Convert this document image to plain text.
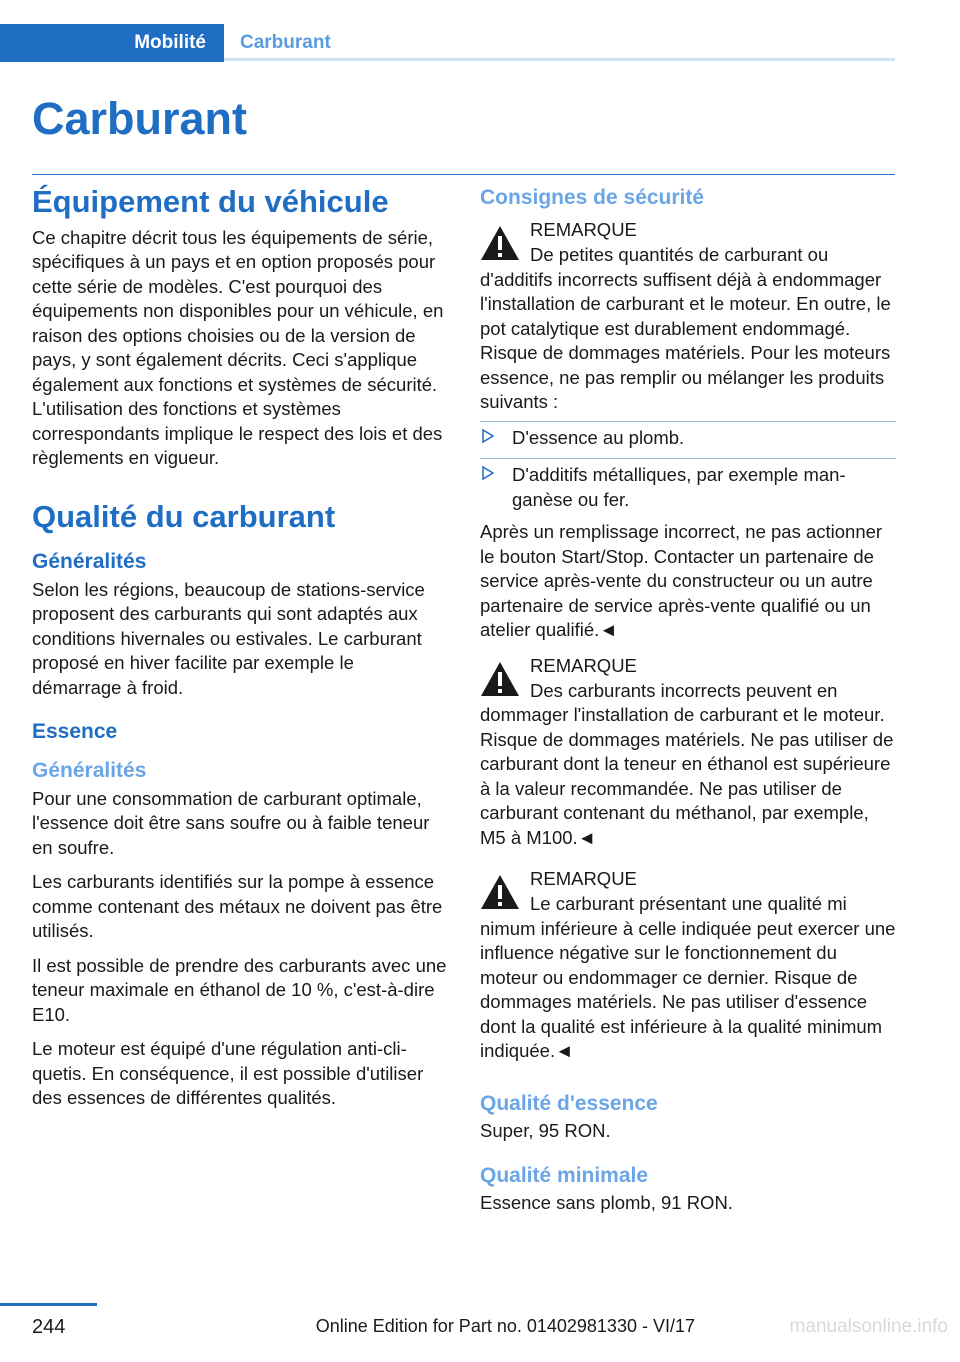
Mobilité Carburant
Carburant
Équipement du véhicule

Ce chapitre décrit tous les équipements de série, spécifiques à un pays et en option proposés pour cette série de modèles. C'est pourquoi des équipements non disponibles pour un véhicule, en raison des options choisies ou de la version de pays, y sont également décrits. Ceci s'applique également aux fonctions et systèmes de sécurité. L'utilisation des fonctions et systèmes correspondants implique le respect des lois et des règlements en vigueur.

Qualité du carburant
Généralités

Selon les régions, beaucoup de stations-service proposent des carburants qui sont adaptés aux conditions hivernales ou estivales. Le carburant proposé en hiver facilite par exemple le démarrage à froid.

Essence
Généralités

Pour une consommation de carburant optimale, l'essence doit être sans soufre ou à faible teneur en soufre.

Les carburants identifiés sur la pompe à essence comme contenant des métaux ne doivent pas être utilisés.

Il est possible de prendre des carburants avec une teneur maximale en éthanol de 10 %, c'est-à-dire E10.

Le moteur est équipé d'une régulation anti-cliquetis. En conséquence, il est possible d'utiliser des essences de différentes qualités.

Consignes de sécurité
REMARQUE
De petites quantités de carburant ou
d'additifs incorrects suffisent déjà à endommager l'installation de carburant et le moteur. En outre, le pot catalytique est durablement endommagé. Risque de dommages matériels. Pour les moteurs essence, ne pas remplir ou mélanger les produits suivants :
D'essence au plomb.
D'additifs métalliques, par exemple manganèse ou fer.

Après un remplissage incorrect, ne pas actionner le bouton Start/Stop. Contacter un partenaire de service après-vente du constructeur ou un autre partenaire de service après-vente qualifié ou un atelier qualifié.◄

REMARQUE
Des carburants incorrects peuvent en
dommager l'installation de carburant et le moteur. Risque de dommages matériels. Ne pas utiliser de carburant dont la teneur en éthanol est supérieure à la valeur recommandée. Ne pas utiliser de carburant contenant du méthanol, par exemple, M5 à M100.◄
REMARQUE
Le carburant présentant une qualité mi
nimum inférieure à celle indiquée peut exercer une influence négative sur le fonctionnement du moteur ou endommager ce dernier. Risque de dommages matériels. Ne pas utiliser d'essence dont la qualité est inférieure à la qualité minimum indiquée.◄
Qualité d'essence

Super, 95 RON.

Qualité minimale

Essence sans plomb, 91 RON.

244	Online Edition for Part no. 01402981330 - VI/17	manualsonline.info
